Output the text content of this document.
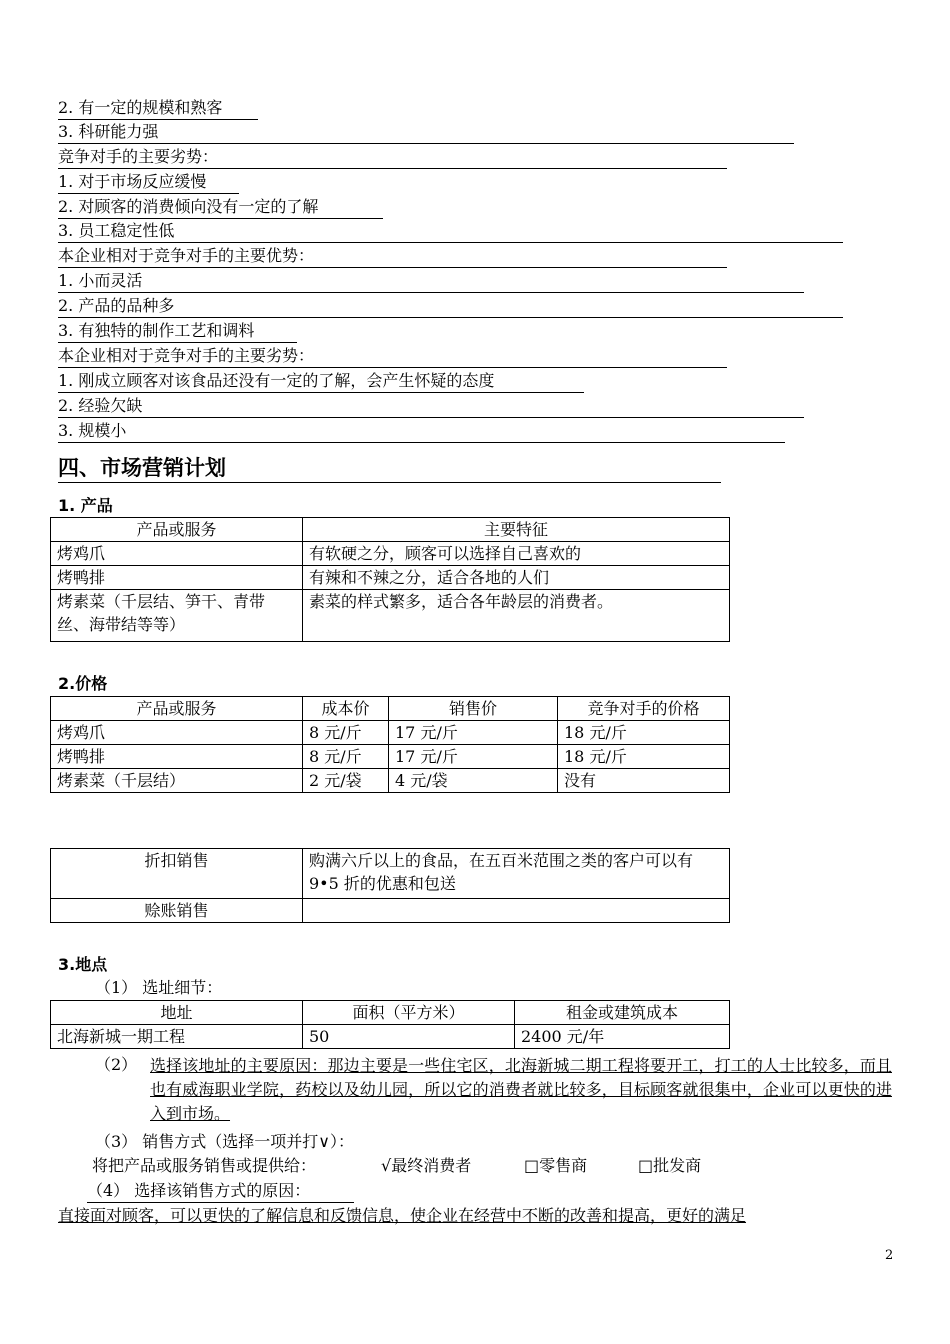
2. 有一定的规模和熟客
3. 科研能力强
竞争对手的主要劣势：
1. 对于市场反应缓慢
2. 对顾客的消费倾向没有一定的了解
3. 员工稳定性低
本企业相对于竞争对手的主要优势：
1. 小而灵活
2. 产品的品种多
3. 有独特的制作工艺和调料
本企业相对于竞争对手的主要劣势：
1. 刚成立顾客对该食品还没有一定的了解，会产生怀疑的态度
2. 经验欠缺
3. 规模小
四、市场营销计划
1. 产品
产品或服务	主要特征
烤鸡爪	有软硬之分，顾客可以选择自己喜欢的
烤鸭排	有辣和不辣之分，适合各地的人们
烤素菜（千层结、笋干、青带丝、海带结等等）	素菜的样式繁多，适合各年龄层的消费者。
2.价格
产品或服务	成本价	销售价	竞争对手的价格
烤鸡爪	8 元/斤	17 元/斤	18 元/斤
烤鸭排	8 元/斤	17 元/斤	18 元/斤
烤素菜（千层结）	2 元/袋	4 元/袋	没有
折扣销售	购满六斤以上的食品，在五百米范围之类的客户可以有 9•5 折的优惠和包送
赊账销售	
3.地点
（1） 选址细节：
地址	面积（平方米）	租金或建筑成本
北海新城一期工程	50	2400 元/年
（2） 选择该地址的主要原因：那边主要是一些住宅区，北海新城二期工程将要开工，打工的人士比较多，而且也有威海职业学院，药校以及幼儿园，所以它的消费者就比较多，目标顾客就很集中，企业可以更快的进入到市场。
（3） 销售方式（选择一项并打∨）：
将把产品或服务销售或提供给：	√最终消费者	□零售商	□批发商
（4） 选择该销售方式的原因：
直接面对顾客，可以更快的了解信息和反馈信息，使企业在经营中不断的改善和提高，更好的满足
2
